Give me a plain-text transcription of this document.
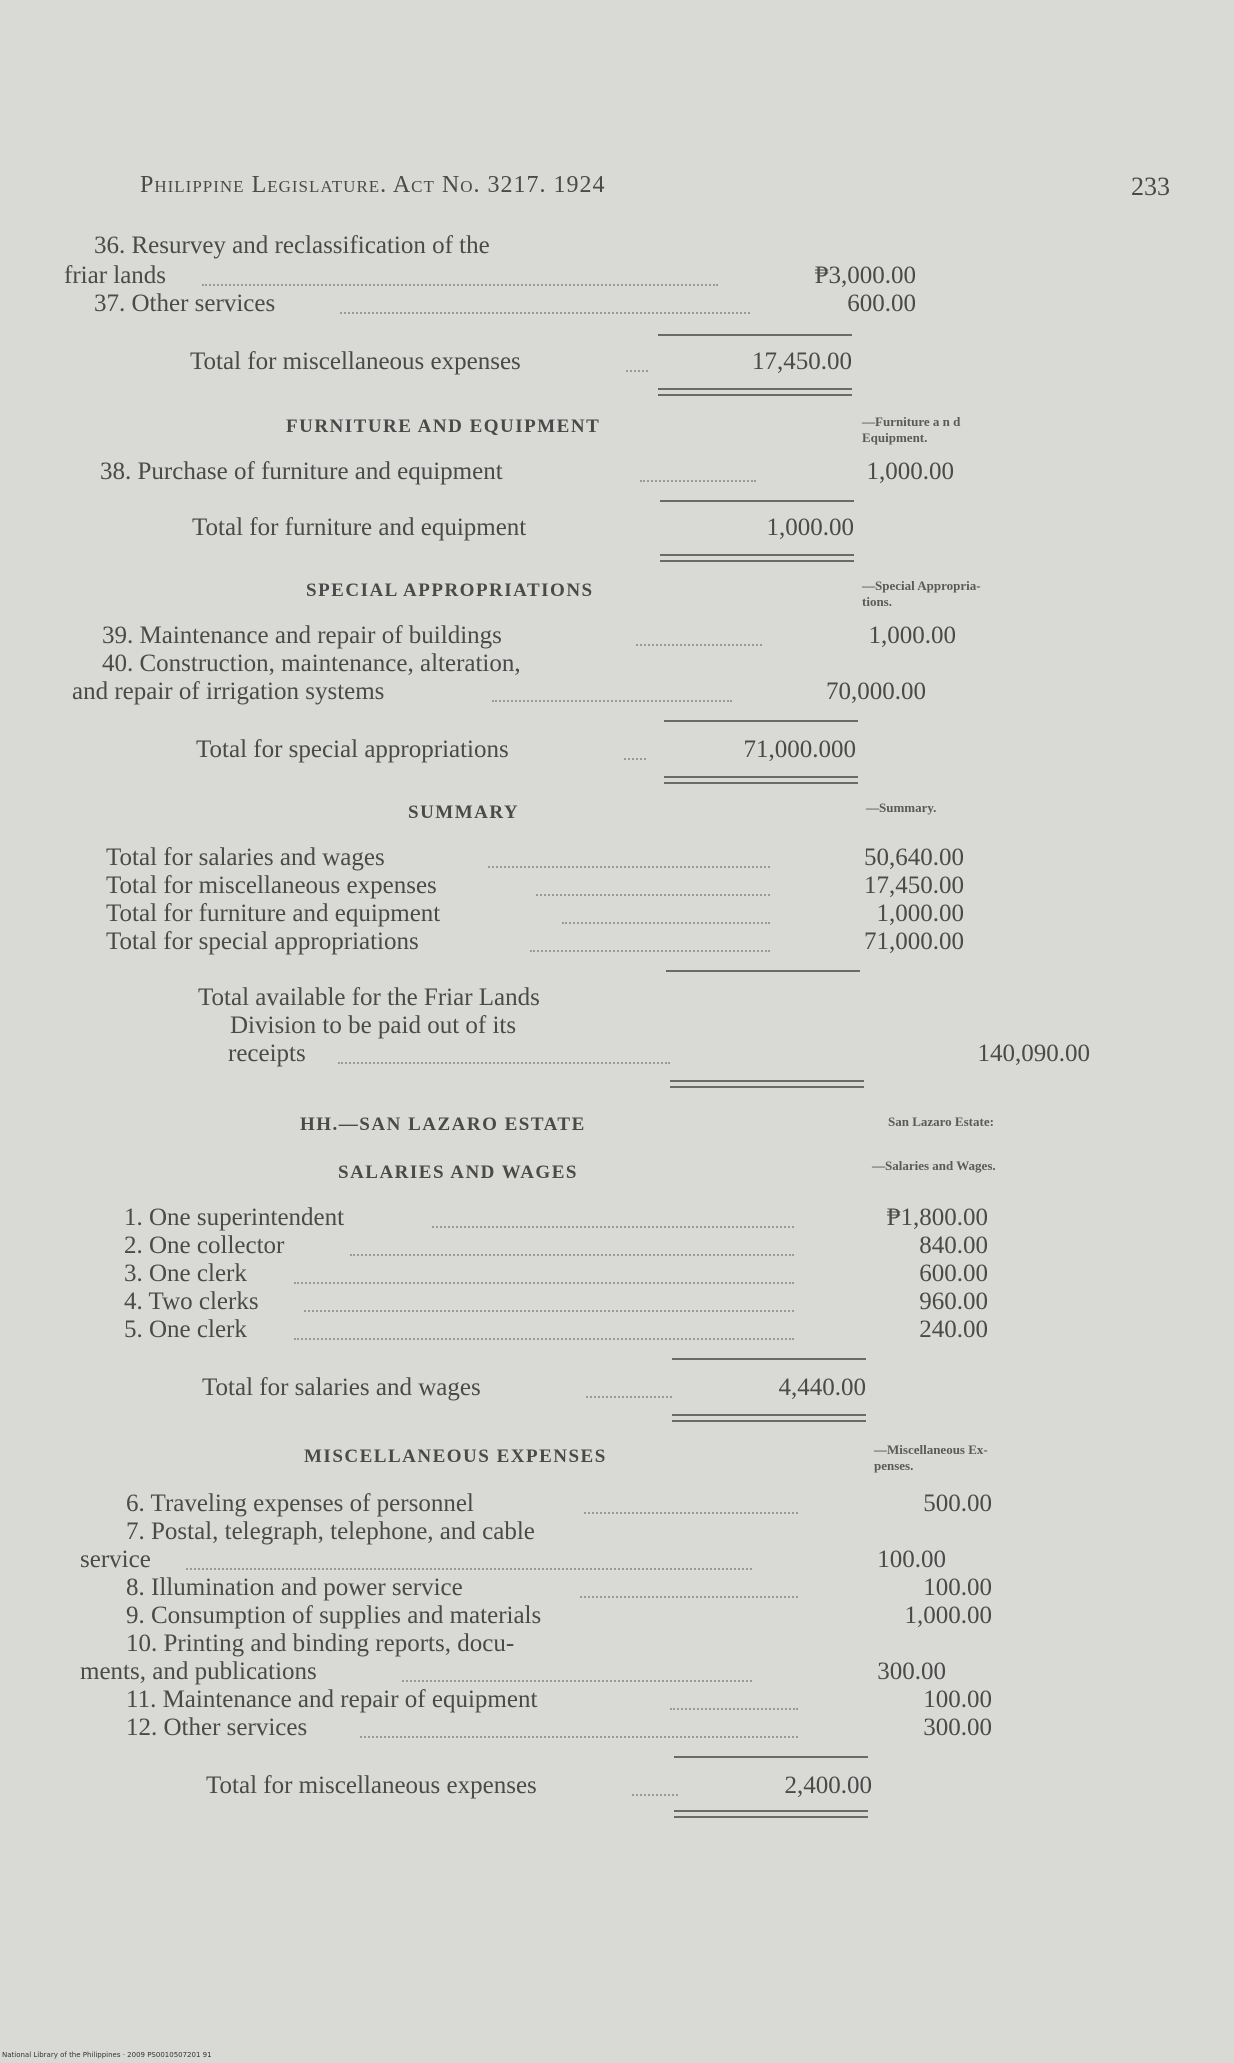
Philippine Legislature. Act No. 3217. 1924	233
36. Resurvey and reclassification of the
friar lands	₱3,000.00
37. Other services	600.00
Total for miscellaneous expenses	17,450.00
FURNITURE AND EQUIPMENT
38. Purchase of furniture and equipment	1,000.00
Total for furniture and equipment	1,000.00
SPECIAL APPROPRIATIONS
39. Maintenance and repair of buildings	1,000.00
40. Construction, maintenance, alteration,
and repair of irrigation systems	70,000.00
Total for special appropriations	71,000.000
SUMMARY
Total for salaries and wages	50,640.00
Total for miscellaneous expenses	17,450.00
Total for furniture and equipment	1,000.00
Total for special appropriations	71,000.00
Total available for the Friar Lands
Division to be paid out of its
receipts	140,090.00
HH.—SAN LAZARO ESTATE
SALARIES AND WAGES
1. One superintendent	₱1,800.00
2. One collector	840.00
3. One clerk	600.00
4. Two clerks	960.00
5. One clerk	240.00
Total for salaries and wages	4,440.00
MISCELLANEOUS EXPENSES
6. Traveling expenses of personnel	500.00
7. Postal, telegraph, telephone, and cable
service	100.00
8. Illumination and power service	100.00
9. Consumption of supplies and materials	1,000.00
10. Printing and binding reports, docu-
ments, and publications	300.00
11. Maintenance and repair of equipment	100.00
12. Other services	300.00
Total for miscellaneous expenses	2,400.00
—Furniture a n d
Equipment.
—Special Appropria-
tions.
—Summary.
San Lazaro Estate:
—Salaries and Wages.
—Miscellaneous Ex-
penses.
National Library of the Philippines · 2009 PS0010507201 91
